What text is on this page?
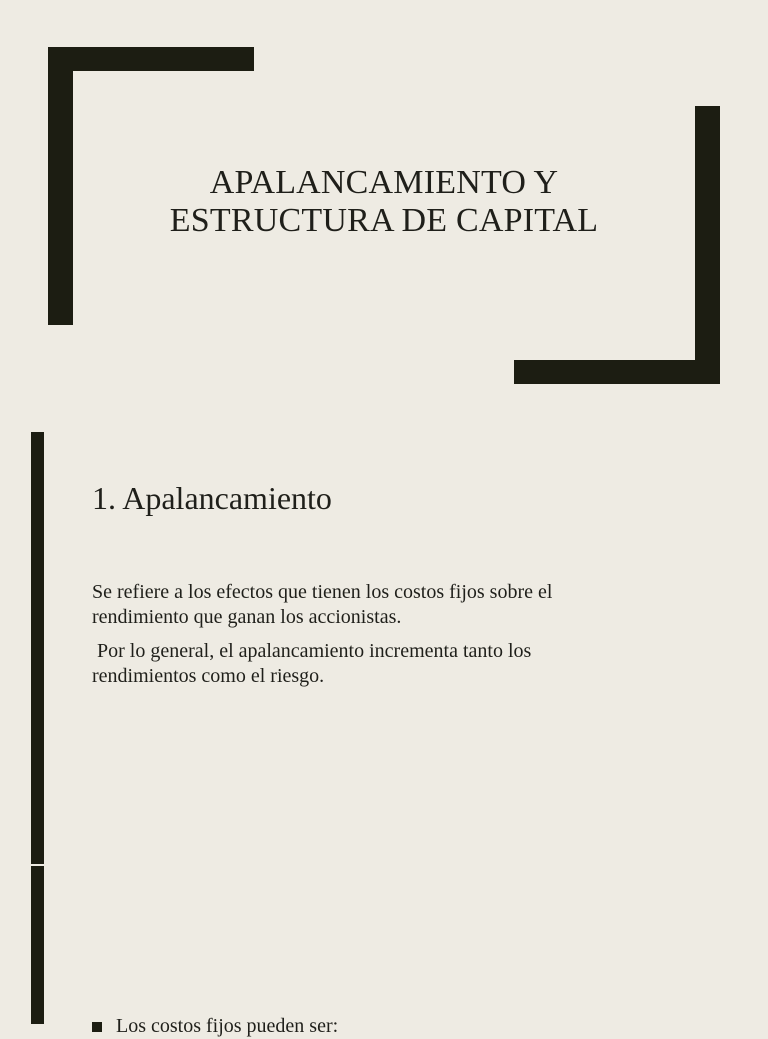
APALANCAMIENTO Y
ESTRUCTURA DE CAPITAL
1. Apalancamiento

Se refiere a los efectos que tienen los costos fijos sobre el rendimiento que ganan los accionistas.

Por lo general, el apalancamiento incrementa tanto los rendimientos como el riesgo.

Los costos fijos pueden ser:
